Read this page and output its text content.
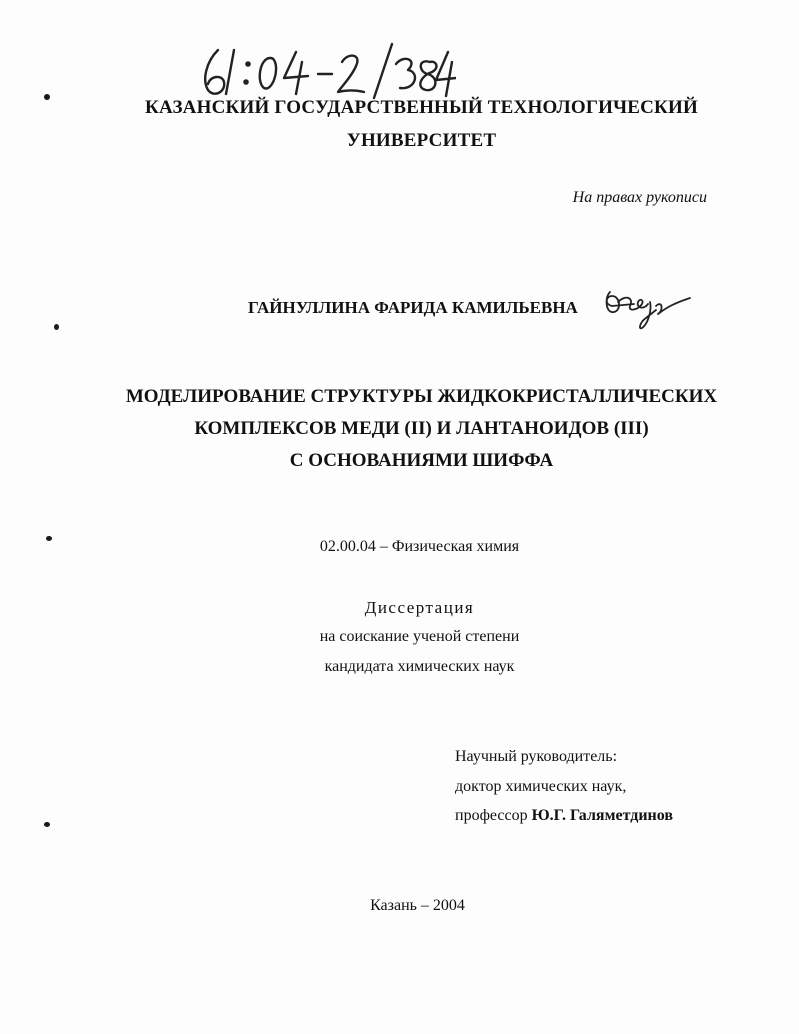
КАЗАНСКИЙ ГОСУДАРСТВЕННЫЙ ТЕХНОЛОГИЧЕСКИЙ
УНИВЕРСИТЕТ
На правах рукописи
ГАЙНУЛЛИНА ФАРИДА КАМИЛЬЕВНА
МОДЕЛИРОВАНИЕ СТРУКТУРЫ ЖИДКОКРИСТАЛЛИЧЕСКИХ
КОМПЛЕКСОВ МЕДИ (II) И ЛАНТАНОИДОВ (III)
С ОСНОВАНИЯМИ ШИФФА
02.00.04 – Физическая химия
Диссертация
на соискание ученой степени
кандидата химических наук
Научный руководитель:
доктор химических наук,
профессор Ю.Г. Галяметдинов
Казань – 2004
